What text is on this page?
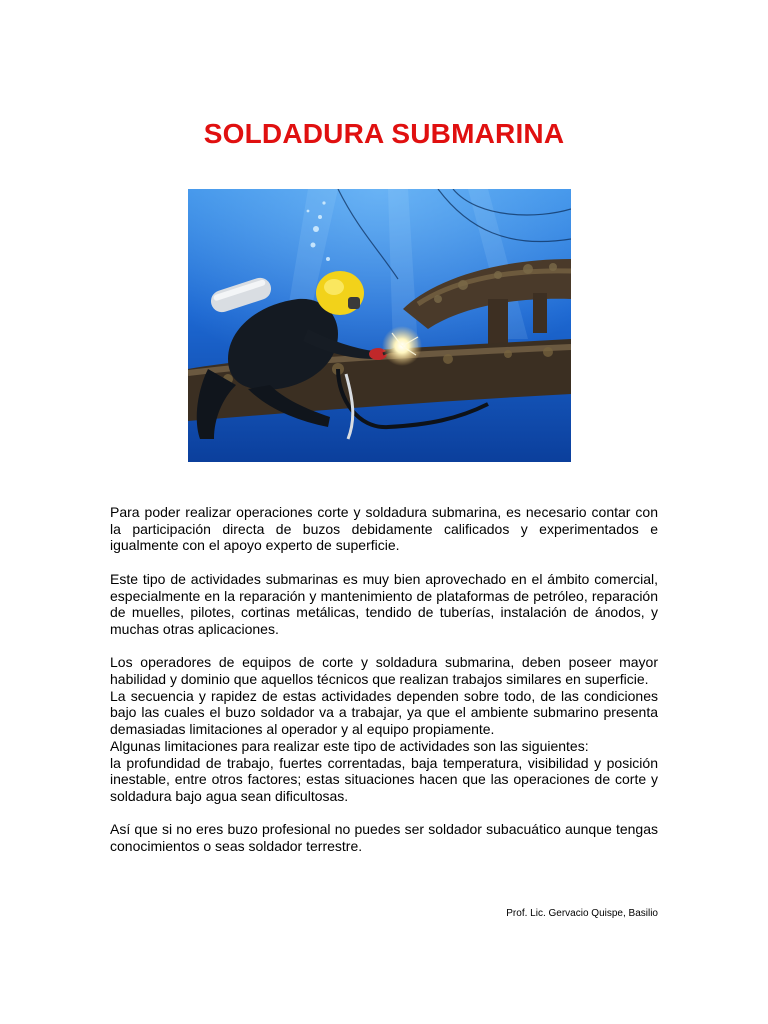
SOLDADURA SUBMARINA

Para poder realizar operaciones corte y soldadura submarina, es necesario contar con la participación directa de buzos debidamente calificados y experimentados e igualmente con el apoyo experto de superficie.

Este tipo de actividades submarinas es muy bien aprovechado en el ámbito comercial, especialmente en la reparación y mantenimiento de plataformas de petróleo, reparación de muelles, pilotes, cortinas metálicas, tendido de tuberías, instalación de ánodos, y muchas otras aplicaciones.

Los operadores de equipos de corte y soldadura submarina, deben poseer mayor habilidad y dominio que aquellos técnicos que realizan trabajos similares en superficie.

La secuencia y rapidez de estas actividades dependen sobre todo, de las condiciones bajo las cuales el buzo soldador va a trabajar, ya que el ambiente submarino presenta demasiadas limitaciones al operador y al equipo propiamente.

Algunas limitaciones para realizar este tipo de actividades son las siguientes:

la profundidad de trabajo, fuertes correntadas, baja temperatura, visibilidad y posición inestable, entre otros factores; estas situaciones hacen que las operaciones de corte y soldadura bajo agua sean dificultosas.

Así que si no eres buzo profesional no puedes ser soldador subacuático aunque tengas conocimientos o seas soldador terrestre.

Prof. Lic. Gervacio Quispe, Basilio
